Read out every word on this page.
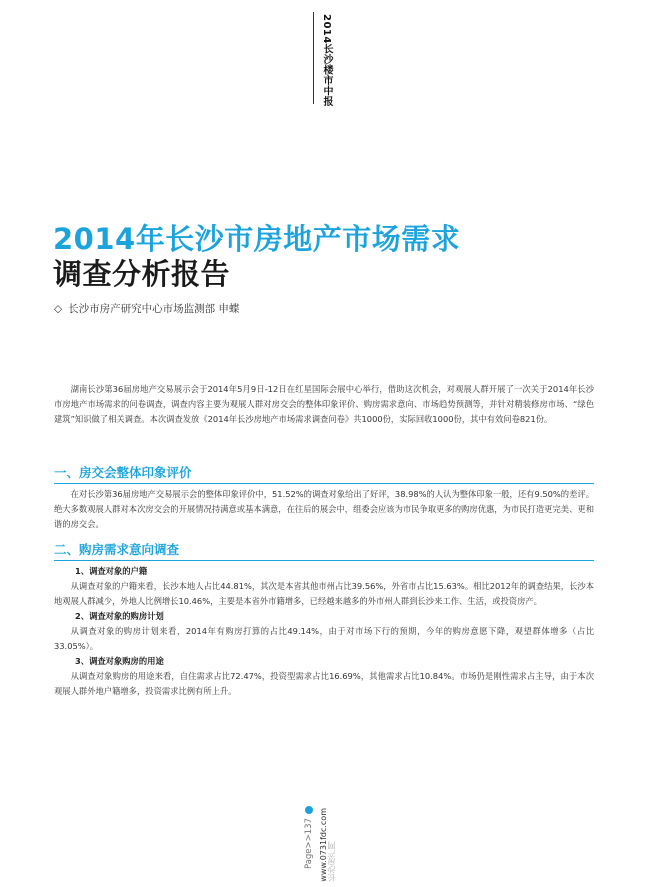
2014长沙楼市中报
2014年长沙市房地产市场需求
调查分析报告
◇ 长沙市房产研究中心市场监测部 申蝶

湖南长沙第36届房地产交易展示会于2014年5月9日-12日在红星国际会展中心举行，借助这次机会，对观展人群开展了一次关于2014年长沙市房地产市场需求的问卷调查，调查内容主要为观展人群对房交会的整体印象评价、购房需求意向、市场趋势预测等，并针对精装修房市场、“绿色建筑”知识做了相关调查。本次调查发放《2014年长沙房地产市场需求调查问卷》共1000份，实际回收1000份，其中有效问卷821份。

一、房交会整体印象评价

在对长沙第36届房地产交易展示会的整体印象评价中，51.52%的调查对象给出了好评，38.98%的人认为整体印象一般，还有9.50%的差评。绝大多数观展人群对本次房交会的开展情况持满意或基本满意，在往后的展会中，组委会应该为市民争取更多的购房优惠，为市民打造更完美、更和谐的房交会。

二、购房需求意向调查
1、调查对象的户籍

从调查对象的户籍来看，长沙本地人占比44.81%，其次是本省其他市州占比39.56%，外省市占比15.63%。相比2012年的调查结果，长沙本地观展人群减少，外地人比例增长10.46%，主要是本省外市籍增多，已经越来越多的外市州人群到长沙来工作、生活，或投资房产。

2、调查对象的购房计划

从调查对象的购房计划来看，2014年有购房打算的占比49.14%，由于对市场下行的预期，今年的购房意愿下降，观望群体增多（占比33.05%）。

3、调查对象购房的用途

从调查对象购房的用途来看，自住需求占比72.47%，投资型需求占比16.69%，其他需求占比10.84%。市场仍是刚性需求占主导，由于本次观展人群外地户籍增多，投资需求比例有所上升。

Page>>137 www.0731fdc.com 长沙房产网
